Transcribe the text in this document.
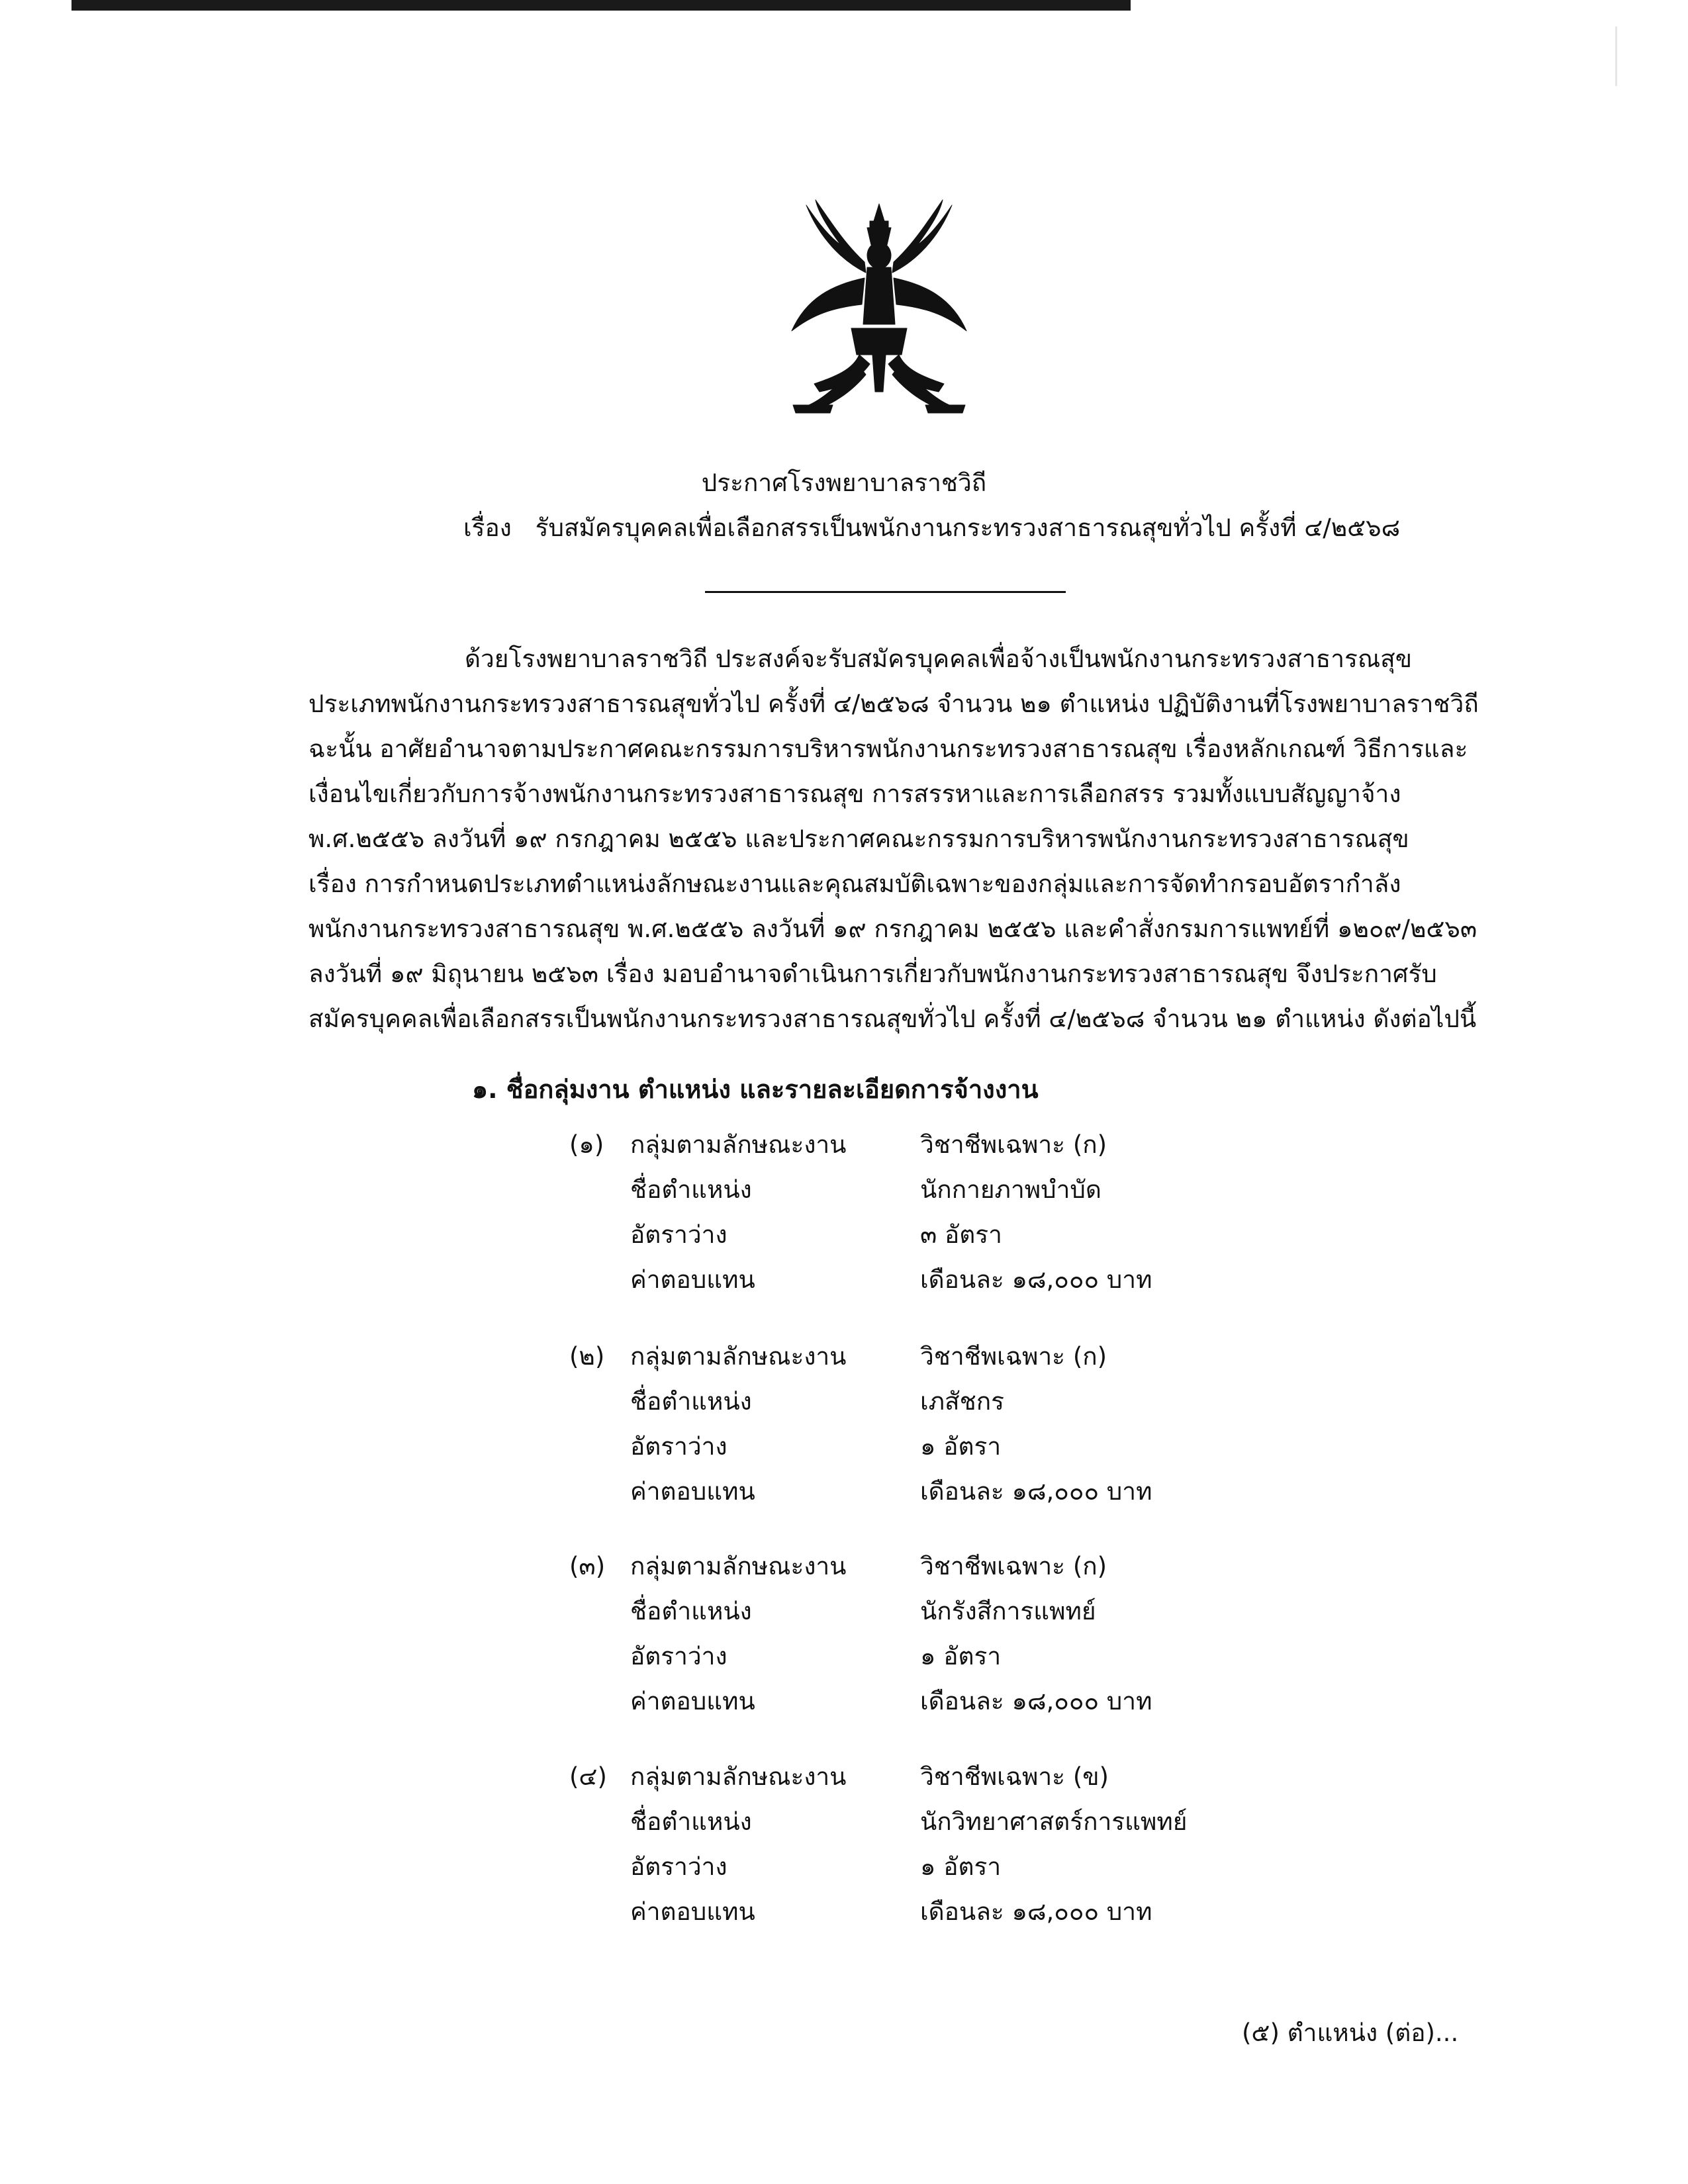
ประกาศโรงพยาบาลราชวิถี
เรื่อง รับสมัครบุคคลเพื่อเลือกสรรเป็นพนักงานกระทรวงสาธารณสุขทั่วไป ครั้งที่ ๔/๒๕๖๘
ด้วยโรงพยาบาลราชวิถี ประสงค์จะรับสมัครบุคคลเพื่อจ้างเป็นพนักงานกระทรวงสาธารณสุข
ประเภทพนักงานกระทรวงสาธารณสุขทั่วไป ครั้งที่ ๔/๒๕๖๘ จำนวน ๒๑ ตำแหน่ง ปฏิบัติงานที่โรงพยาบาลราชวิถี
ฉะนั้น อาศัยอำนาจตามประกาศคณะกรรมการบริหารพนักงานกระทรวงสาธารณสุข เรื่องหลักเกณฑ์ วิธีการและ
เงื่อนไขเกี่ยวกับการจ้างพนักงานกระทรวงสาธารณสุข การสรรหาและการเลือกสรร รวมทั้งแบบสัญญาจ้าง
พ.ศ.๒๕๕๖ ลงวันที่ ๑๙ กรกฎาคม ๒๕๕๖ และประกาศคณะกรรมการบริหารพนักงานกระทรวงสาธารณสุข
เรื่อง การกำหนดประเภทตำแหน่งลักษณะงานและคุณสมบัติเฉพาะของกลุ่มและการจัดทำกรอบอัตรากำลัง
พนักงานกระทรวงสาธารณสุข พ.ศ.๒๕๕๖ ลงวันที่ ๑๙ กรกฎาคม ๒๕๕๖ และคำสั่งกรมการแพทย์ที่ ๑๒๐๙/๒๕๖๓
ลงวันที่ ๑๙ มิถุนายน ๒๕๖๓ เรื่อง มอบอำนาจดำเนินการเกี่ยวกับพนักงานกระทรวงสาธารณสุข จึงประกาศรับ
สมัครบุคคลเพื่อเลือกสรรเป็นพนักงานกระทรวงสาธารณสุขทั่วไป ครั้งที่ ๔/๒๕๖๘ จำนวน ๒๑ ตำแหน่ง ดังต่อไปนี้
๑. ชื่อกลุ่มงาน ตำแหน่ง และรายละเอียดการจ้างงาน
(๑) กลุ่มตามลักษณะงาน	วิชาชีพเฉพาะ (ก)
ชื่อตำแหน่ง	นักกายภาพบำบัด
อัตราว่าง	๓ อัตรา
ค่าตอบแทน	เดือนละ ๑๘,๐๐๐ บาท
(๒) กลุ่มตามลักษณะงาน	วิชาชีพเฉพาะ (ก)
ชื่อตำแหน่ง	เภสัชกร
อัตราว่าง	๑ อัตรา
ค่าตอบแทน	เดือนละ ๑๘,๐๐๐ บาท
(๓) กลุ่มตามลักษณะงาน	วิชาชีพเฉพาะ (ก)
ชื่อตำแหน่ง	นักรังสีการแพทย์
อัตราว่าง	๑ อัตรา
ค่าตอบแทน	เดือนละ ๑๘,๐๐๐ บาท
(๔) กลุ่มตามลักษณะงาน	วิชาชีพเฉพาะ (ข)
ชื่อตำแหน่ง	นักวิทยาศาสตร์การแพทย์
อัตราว่าง	๑ อัตรา
ค่าตอบแทน	เดือนละ ๑๘,๐๐๐ บาท
(๕) ตำแหน่ง (ต่อ)...
